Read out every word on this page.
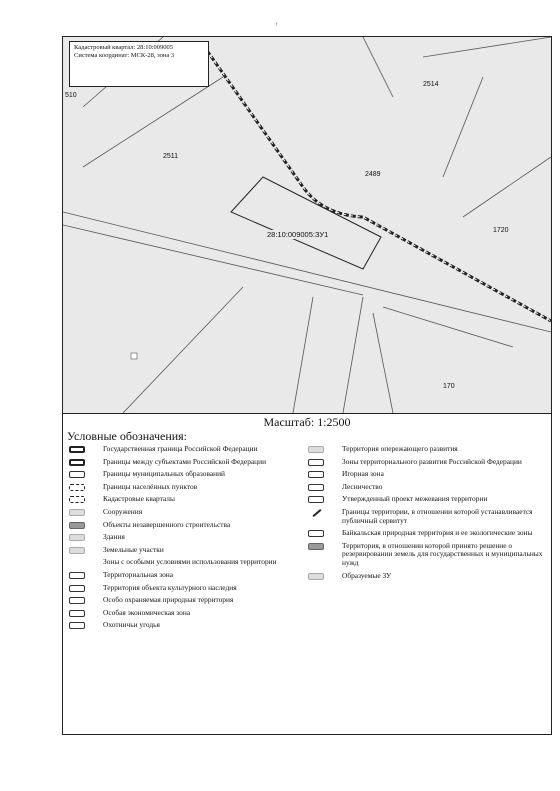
↑
Кадастровый квартал: 28:10:009005
Система координат: МСК-28, зона 3
2511
2489
1720
2514
510
170
28:10:009005:ЗУ1
Масштаб: 1:2500
Условные обозначения:
Государственная граница Российской Федерации
Границы между субъектами Российской Федерации
Границы муниципальных образований
Границы населённых пунктов
Кадастровые кварталы
Сооружения
Объекты незавершенного строительства
Здания
Земельные участки
Зоны с особыми условиями использования территории
Территориальная зона
Территория объекта культурного наследия
Особо охраняемая природная территория
Особая экономическая зона
Охотничьи угодья
Территория опережающего развития
Зоны территориального развития Российской Федерации
Игорная зона
Лесничество
Утвержденный проект межевания территории
Границы территории, в отношении которой устанавливается публичный сервитут
Байкальская природная территория и ее экологические зоны
Территория, в отношении которой принято решение о резервировании земель для государственных и муниципальных нужд
Образуемые ЗУ
